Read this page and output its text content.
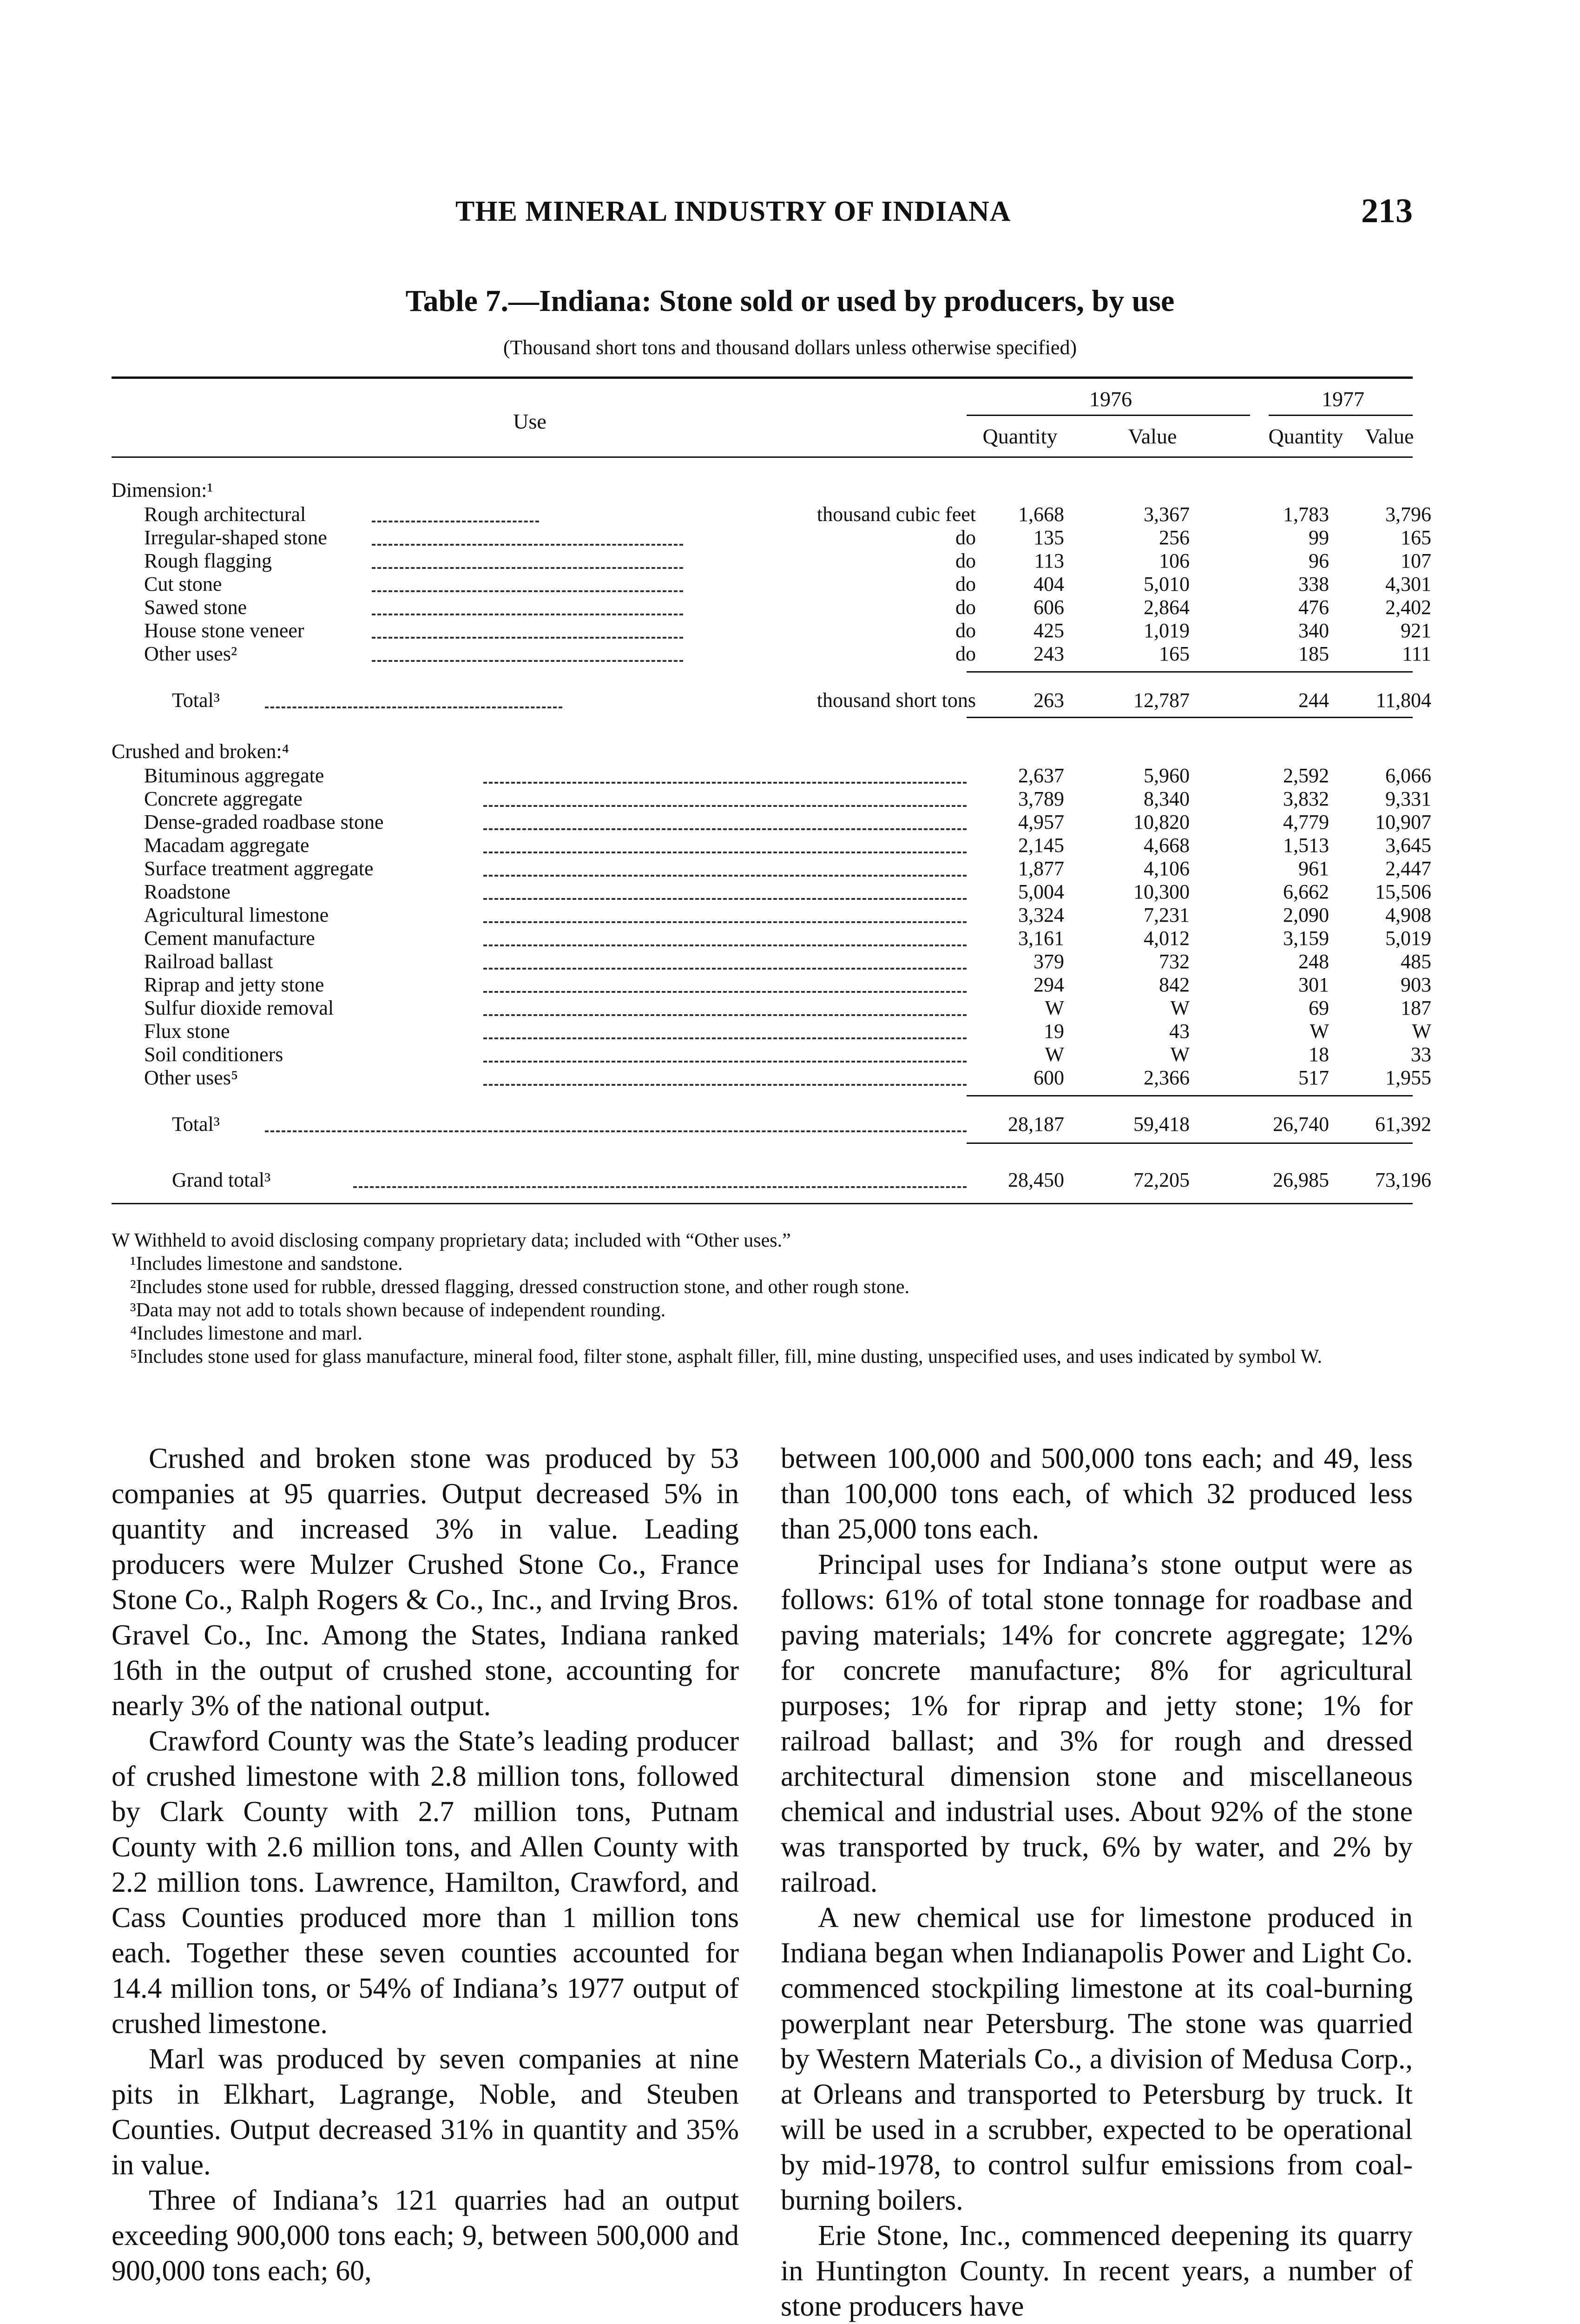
THE MINERAL INDUSTRY OF INDIANA	213
Table 7.—Indiana: Stone sold or used by producers, by use
(Thousand short tons and thousand dollars unless otherwise specified)
Use
1976	1977
Quantity	Value
Dimension:¹
Rough architectural	thousand cubic feet	1,668	3,367	1,783	3,796
Irregular-shaped stone	do	135	256	99	165
Rough flagging	do	113	106	96	107
Cut stone	do	404	5,010	338	4,301
Sawed stone	do	606	2,864	476	2,402
House stone veneer	do	425	1,019	340	921
Other uses²	do	243	165	185	111
Total³	thousand short tons	263	12,787	244	11,804
Crushed and broken:⁴
Bituminous aggregate	2,637	5,960	2,592	6,066
Concrete aggregate	3,789	8,340	3,832	9,331
Dense-graded roadbase stone	4,957	10,820	4,779	10,907
Macadam aggregate	2,145	4,668	1,513	3,645
Surface treatment aggregate	1,877	4,106	961	2,447
Roadstone	5,004	10,300	6,662	15,506
Agricultural limestone	3,324	7,231	2,090	4,908
Cement manufacture	3,161	4,012	3,159	5,019
Railroad ballast	379	732	248	485
Riprap and jetty stone	294	842	301	903
Sulfur dioxide removal	W	W	69	187
Flux stone	19	43	W	W
Soil conditioners	W	W	18	33
Other uses⁵	600	2,366	517	1,955
Total³	28,187	59,418	26,740	61,392
Grand total³	28,450	72,205	26,985	73,196
Quantity	Value
W Withheld to avoid disclosing company proprietary data; included with “Other uses.”
¹Includes limestone and sandstone.
²Includes stone used for rubble, dressed flagging, dressed construction stone, and other rough stone.
³Data may not add to totals shown because of independent rounding.
⁴Includes limestone and marl.
⁵Includes stone used for glass manufacture, mineral food, filter stone, asphalt filler, fill, mine dusting, unspecified uses, and uses indicated by symbol W.

Crushed and broken stone was produced by 53 companies at 95 quarries. Output decreased 5% in quantity and increased 3% in value. Leading producers were Mulzer Crushed Stone Co., France Stone Co., Ralph Rogers & Co., Inc., and Irving Bros. Gravel Co., Inc. Among the States, Indiana ranked 16th in the output of crushed stone, accounting for nearly 3% of the national output.

Crawford County was the State’s leading producer of crushed limestone with 2.8 million tons, followed by Clark County with 2.7 million tons, Putnam County with 2.6 million tons, and Allen County with 2.2 million tons. Lawrence, Hamilton, Crawford, and Cass Counties produced more than 1 million tons each. Together these seven counties accounted for 14.4 million tons, or 54% of Indiana’s 1977 output of crushed limestone.

Marl was produced by seven companies at nine pits in Elkhart, Lagrange, Noble, and Steuben Counties. Output decreased 31% in quantity and 35% in value.

Three of Indiana’s 121 quarries had an output exceeding 900,000 tons each; 9, between 500,000 and 900,000 tons each; 60,

between 100,000 and 500,000 tons each; and 49, less than 100,000 tons each, of which 32 produced less than 25,000 tons each.

Principal uses for Indiana’s stone output were as follows: 61% of total stone tonnage for roadbase and paving materials; 14% for concrete aggregate; 12% for concrete manufacture; 8% for agricultural purposes; 1% for riprap and jetty stone; 1% for railroad ballast; and 3% for rough and dressed architectural dimension stone and miscellaneous chemical and industrial uses. About 92% of the stone was transported by truck, 6% by water, and 2% by railroad.

A new chemical use for limestone produced in Indiana began when Indianapolis Power and Light Co. commenced stockpiling limestone at its coal-burning powerplant near Petersburg. The stone was quarried by Western Materials Co., a division of Medusa Corp., at Orleans and transported to Petersburg by truck. It will be used in a scrubber, expected to be operational by mid-1978, to control sulfur emissions from coal-burning boilers.

Erie Stone, Inc., commenced deepening its quarry in Huntington County. In recent years, a number of stone producers have
